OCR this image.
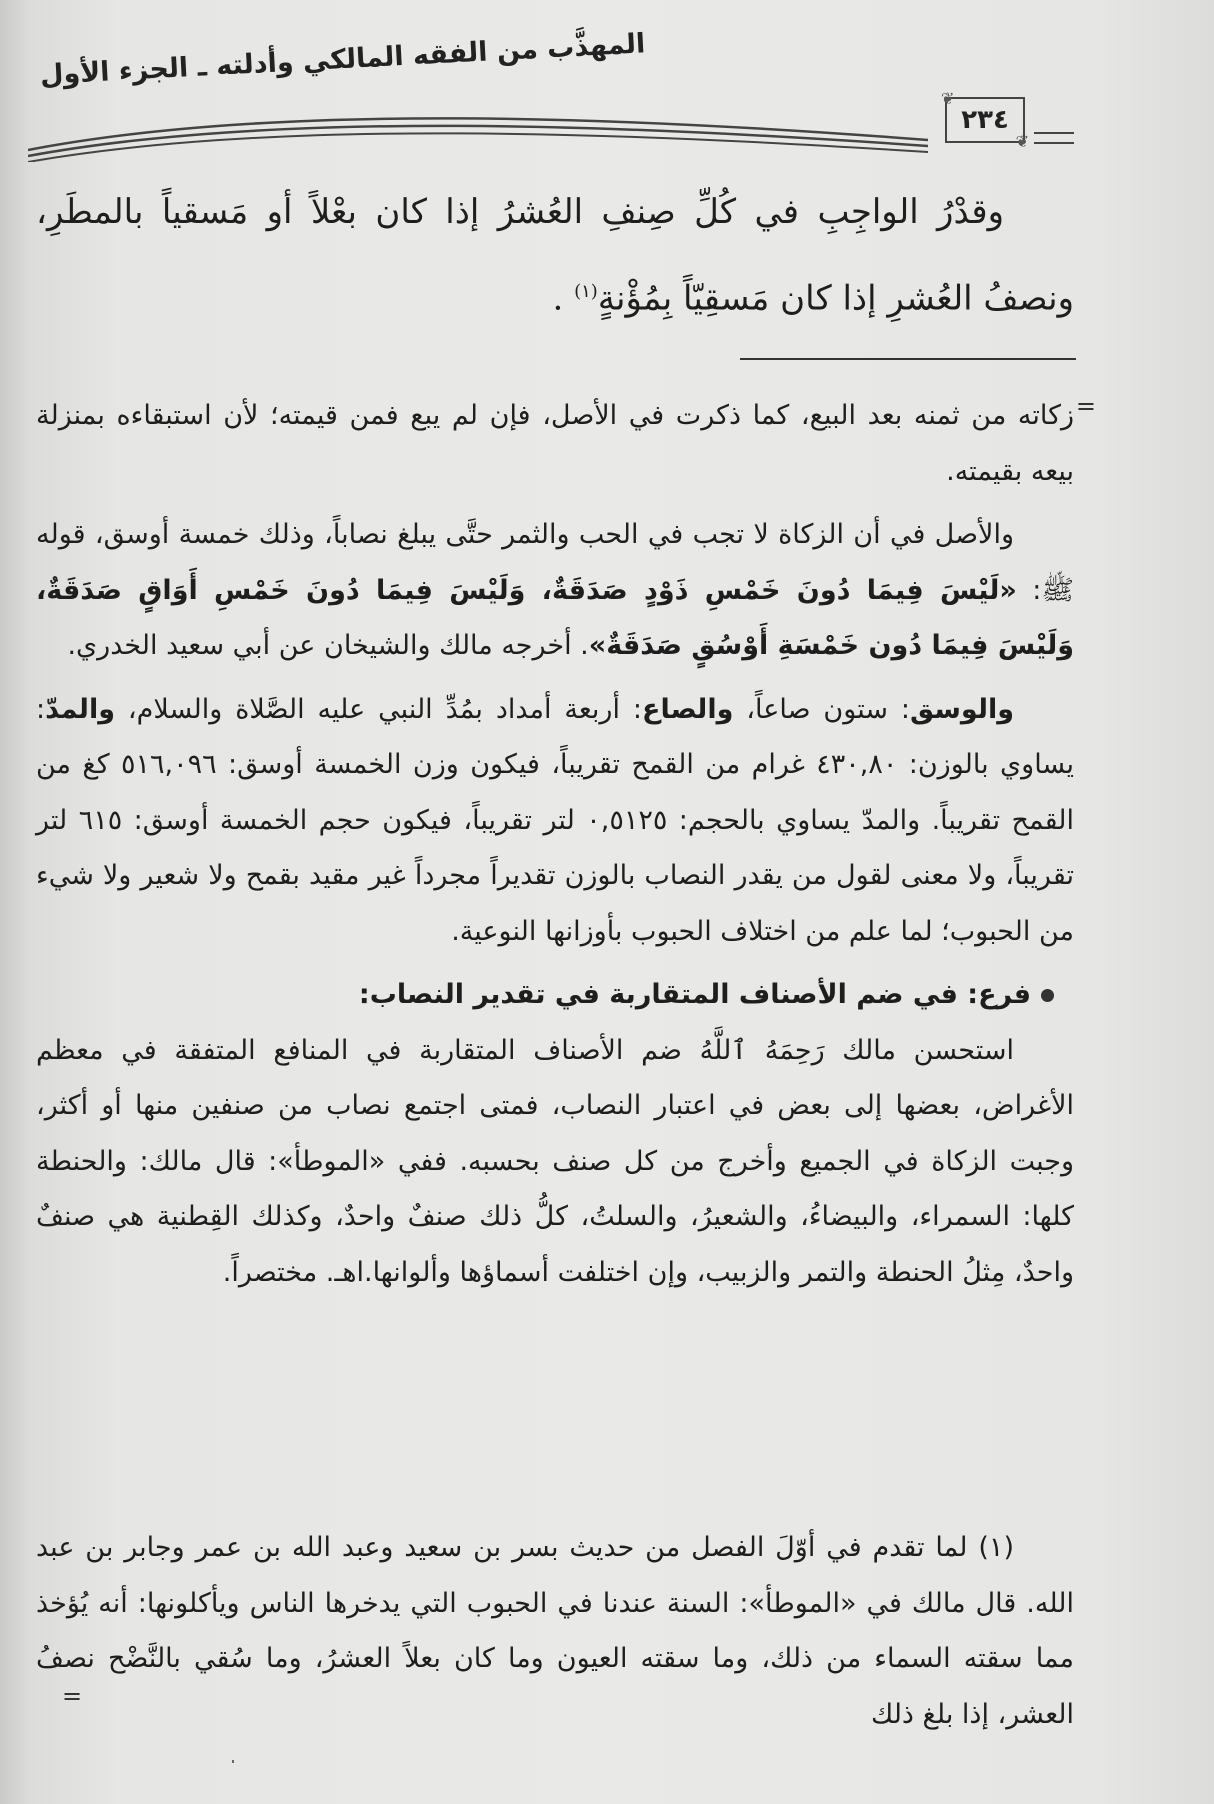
المهذَّب من الفقه المالكي وأدلته ـ الجزء الأول
❦
٢٣٤
❦

وقدْرُ الواجِبِ في كُلِّ صِنفِ العُشرُ إذا كان بعْلاً أو مَسقياً بالمطَرِ، ونصفُ العُشرِ إذا كان مَسقِيّاً بِمُؤْنةٍ$^{(١)}$ .

=

زكاته من ثمنه بعد البيع، كما ذكرت في الأصل، فإن لم يبع فمن قيمته؛ لأن استبقاءه بمنزلة بيعه بقيمته.

والأصل في أن الزكاة لا تجب في الحب والثمر حتَّى يبلغ نصاباً، وذلك خمسة أوسق، قوله ﷺ: «لَيْسَ فِيمَا دُونَ خَمْسِ ذَوْدٍ صَدَقَةٌ، وَلَيْسَ فِيمَا دُونَ خَمْسِ أَوَاقٍ صَدَقَةٌ، وَلَيْسَ فِيمَا دُون خَمْسَةِ أَوْسُقٍ صَدَقَةٌ». أخرجه مالك والشيخان عن أبي سعيد الخدري.

والوسق: ستون صاعاً، والصاع: أربعة أمداد بمُدِّ النبي عليه الصَّلاة والسلام، والمدّ: يساوي بالوزن: ٤٣٠,٨٠ غرام من القمح تقريباً، فيكون وزن الخمسة أوسق: ٥١٦,٠٩٦ كغ من القمح تقريباً. والمدّ يساوي بالحجم: ٠,٥١٢٥ لتر تقريباً، فيكون حجم الخمسة أوسق: ٦١٥ لتر تقريباً، ولا معنى لقول من يقدر النصاب بالوزن تقديراً مجرداً غير مقيد بقمح ولا شعير ولا شيء من الحبوب؛ لما علم من اختلاف الحبوب بأوزانها النوعية.

فرع: في ضم الأصناف المتقاربة في تقدير النصاب:

استحسن مالك رَحِمَهُ ٱللَّهُ ضم الأصناف المتقاربة في المنافع المتفقة في معظم الأغراض، بعضها إلى بعض في اعتبار النصاب، فمتى اجتمع نصاب من صنفين منها أو أكثر، وجبت الزكاة في الجميع وأخرج من كل صنف بحسبه. ففي «الموطأ»: قال مالك: والحنطة كلها: السمراء، والبيضاءُ، والشعيرُ، والسلتُ، كلُّ ذلك صنفٌ واحدٌ، وكذلك القِطنية هي صنفٌ واحدٌ، مِثلُ الحنطة والتمر والزبيب، وإن اختلفت أسماؤها وألوانها.اهـ. مختصراً.

(١) لما تقدم في أوّلَ الفصل من حديث بسر بن سعيد وعبد الله بن عمر وجابر بن عبد الله. قال مالك في «الموطأ»: السنة عندنا في الحبوب التي يدخرها الناس ويأكلونها: أنه يُؤخذ مما سقته السماء من ذلك، وما سقته العيون وما كان بعلاً العشرُ، وما سُقي بالنَّضْح نصفُ العشر، إذا بلغ ذلك

=
